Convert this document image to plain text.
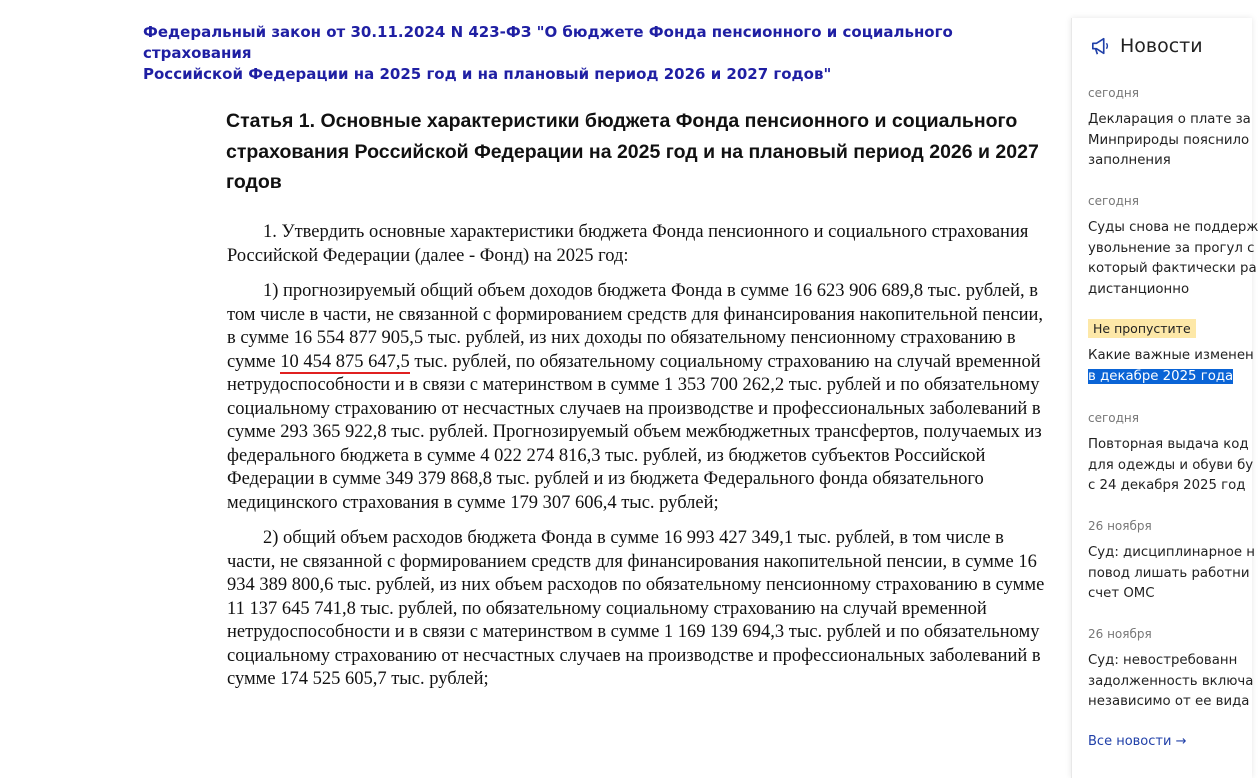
Федеральный закон от 30.11.2024 N 423-ФЗ "О бюджете Фонда пенсионного и социального страхования
Российской Федерации на 2025 год и на плановый период 2026 и 2027 годов"
Статья 1. Основные характеристики бюджета Фонда пенсионного и социального страхования Российской Федерации на 2025 год и на плановый период 2026 и 2027 годов

1. Утвердить основные характеристики бюджета Фонда пенсионного и социального страхования Российской Федерации (далее - Фонд) на 2025 год:

1) прогнозируемый общий объем доходов бюджета Фонда в сумме 16 623 906 689,8 тыс. рублей, в том числе в части, не связанной с формированием средств для финансирования накопительной пенсии, в сумме 16 554 877 905,5 тыс. рублей, из них доходы по обязательному пенсионному страхованию в сумме 10 454 875 647,5 тыс. рублей, по обязательному социальному страхованию на случай временной нетрудоспособности и в связи с материнством в сумме 1 353 700 262,2 тыс. рублей и по обязательному социальному страхованию от несчастных случаев на производстве и профессиональных заболеваний в сумме 293 365 922,8 тыс. рублей. Прогнозируемый объем межбюджетных трансфертов, получаемых из федерального бюджета в сумме 4 022 274 816,3 тыс. рублей, из бюджетов субъектов Российской Федерации в сумме 349 379 868,8 тыс. рублей и из бюджета Федерального фонда обязательного медицинского страхования в сумме 179 307 606,4 тыс. рублей;

2) общий объем расходов бюджета Фонда в сумме 16 993 427 349,1 тыс. рублей, в том числе в части, не связанной с формированием средств для финансирования накопительной пенсии, в сумме 16 934 389 800,6 тыс. рублей, из них объем расходов по обязательному пенсионному страхованию в сумме 11 137 645 741,8 тыс. рублей, по обязательному социальному страхованию на случай временной нетрудоспособности и в связи с материнством в сумме 1 169 139 694,3 тыс. рублей и по обязательному социальному страхованию от несчастных случаев на производстве и профессиональных заболеваний в сумме 174 525 605,7 тыс. рублей;

Новости
сегодня
Декларация о плате за
Минприроды пояснило
заполнения
сегодня
Суды снова не поддерж
увольнение за прогул с
который фактически ра
дистанционно
Не пропустите
Какие важные изменен
в декабре 2025 года
сегодня
Повторная выдача код
для одежды и обуви бу
с 24 декабря 2025 год
26 ноября
Суд: дисциплинарное н
повод лишать работни
счет ОМС
26 ноября
Суд: невостребованн
задолженность включа
независимо от ее вида
Все новости →
